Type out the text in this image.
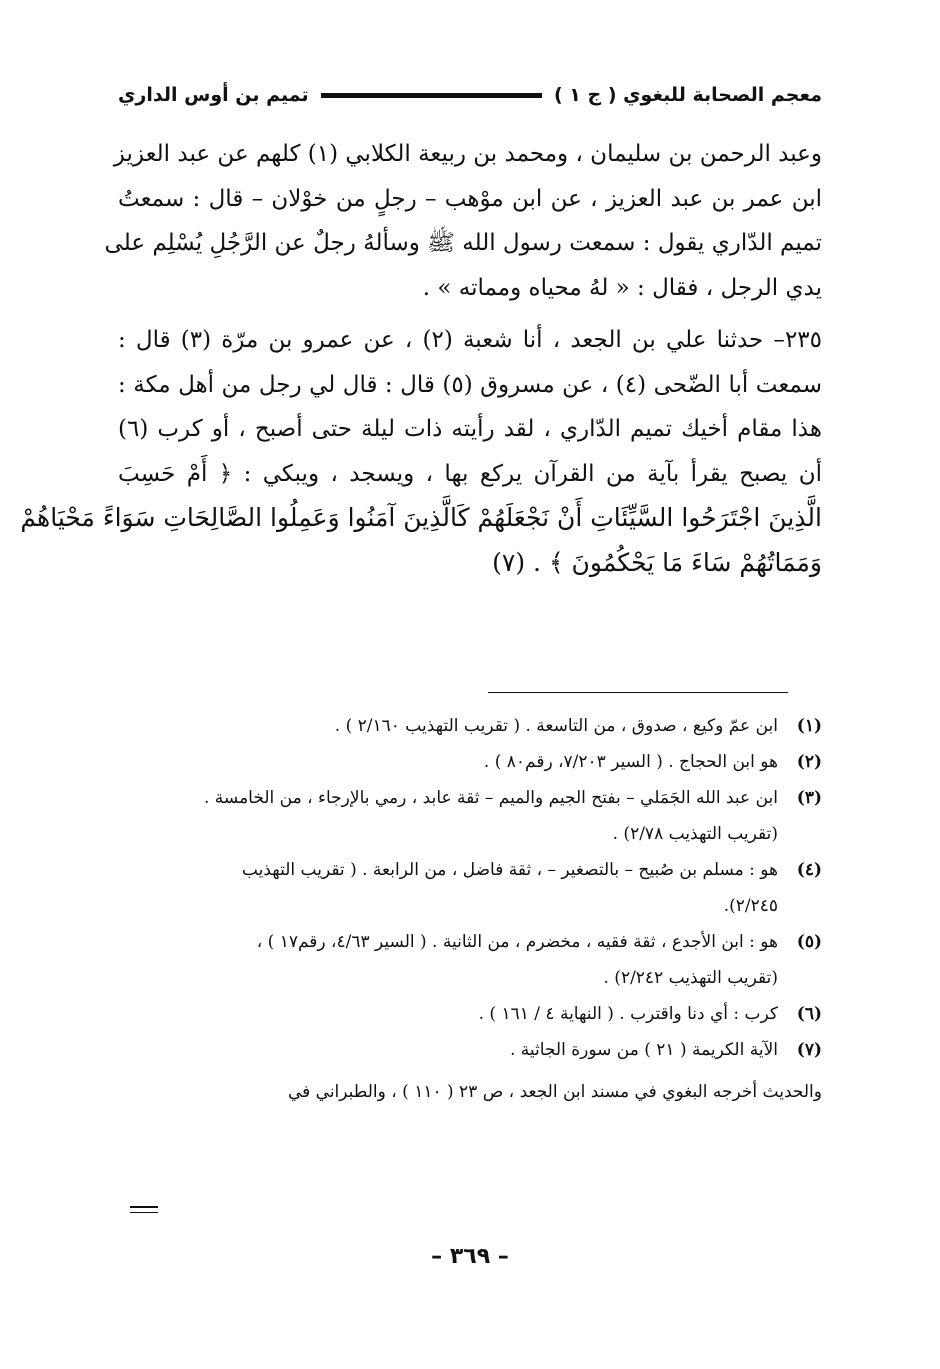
معجم الصحابة للبغوي ( ج ١ )
تميم بن أوس الداري

وعبد الرحمن بن سليمان ، ومحمد بن ربيعة الكلابي (١) كلهم عن عبد العزيز
ابن عمر بن عبد العزيز ، عن ابن موْهب – رجلٍ من خوْلان – قال : سمعتُ
تميم الدّاري يقول : سمعت رسول الله ﷺ وسألهُ رجلٌ عن الرَّجُلِ يُسْلِم على
يدي الرجل ، فقال : « لهُ محياه ومماته » .

٢٣٥– حدثنا علي بن الجعد ، أنا شعبة (٢) ، عن عمرو بن مرّة (٣) قال :
سمعت أبا الضّحى (٤) ، عن مسروق (٥) قال : قال لي رجل من أهل مكة :
هذا مقام أخيك تميم الدّاري ، لقد رأيته ذات ليلة حتى أصبح ، أو كرب (٦)
أن يصبح يقرأ بآية من القرآن يركع بها ، ويسجد ، ويبكي : ﴿ أَمْ حَسِبَ
الَّذِينَ اجْتَرَحُوا السَّيِّئَاتِ أَنْ نَجْعَلَهُمْ كَالَّذِينَ آمَنُوا وَعَمِلُوا الصَّالِحَاتِ سَوَاءً مَحْيَاهُمْ
وَمَمَاتُهُمْ سَاءَ مَا يَحْكُمُونَ ﴾ . (٧)

(١)
ابن عمّ وكيع ، صدوق ، من التاسعة . ( تقريب التهذيب ٢/١٦٠ ) .
(٢)
هو ابن الحجاج . ( السير ٧/٢٠٣، رقم٨٠ ) .
(٣)
ابن عبد الله الجَمَلي – بفتح الجيم والميم – ثقة عابد ، رمي بالإرجاء ، من الخامسة .
(تقريب التهذيب ٢/٧٨) .
(٤)
هو : مسلم بن صُبيح – بالتصغير – ، ثقة فاضل ، من الرابعة . ( تقريب التهذيب
٢/٢٤٥).
(٥)
هو : ابن الأجدع ، ثقة فقيه ، مخضرم ، من الثانية . ( السير ٤/٦٣، رقم١٧ ) ،
(تقريب التهذيب ٢/٢٤٢) .
(٦)
كرب : أي دنا واقترب . ( النهاية ٤ / ١٦١ ) .
(٧)
الآية الكريمة ( ٢١ ) من سورة الجاثية .
والحديث أخرجه البغوي في مسند ابن الجعد ، ص ٢٣ ( ١١٠ ) ، والطبراني في
– ٣٦٩ –
